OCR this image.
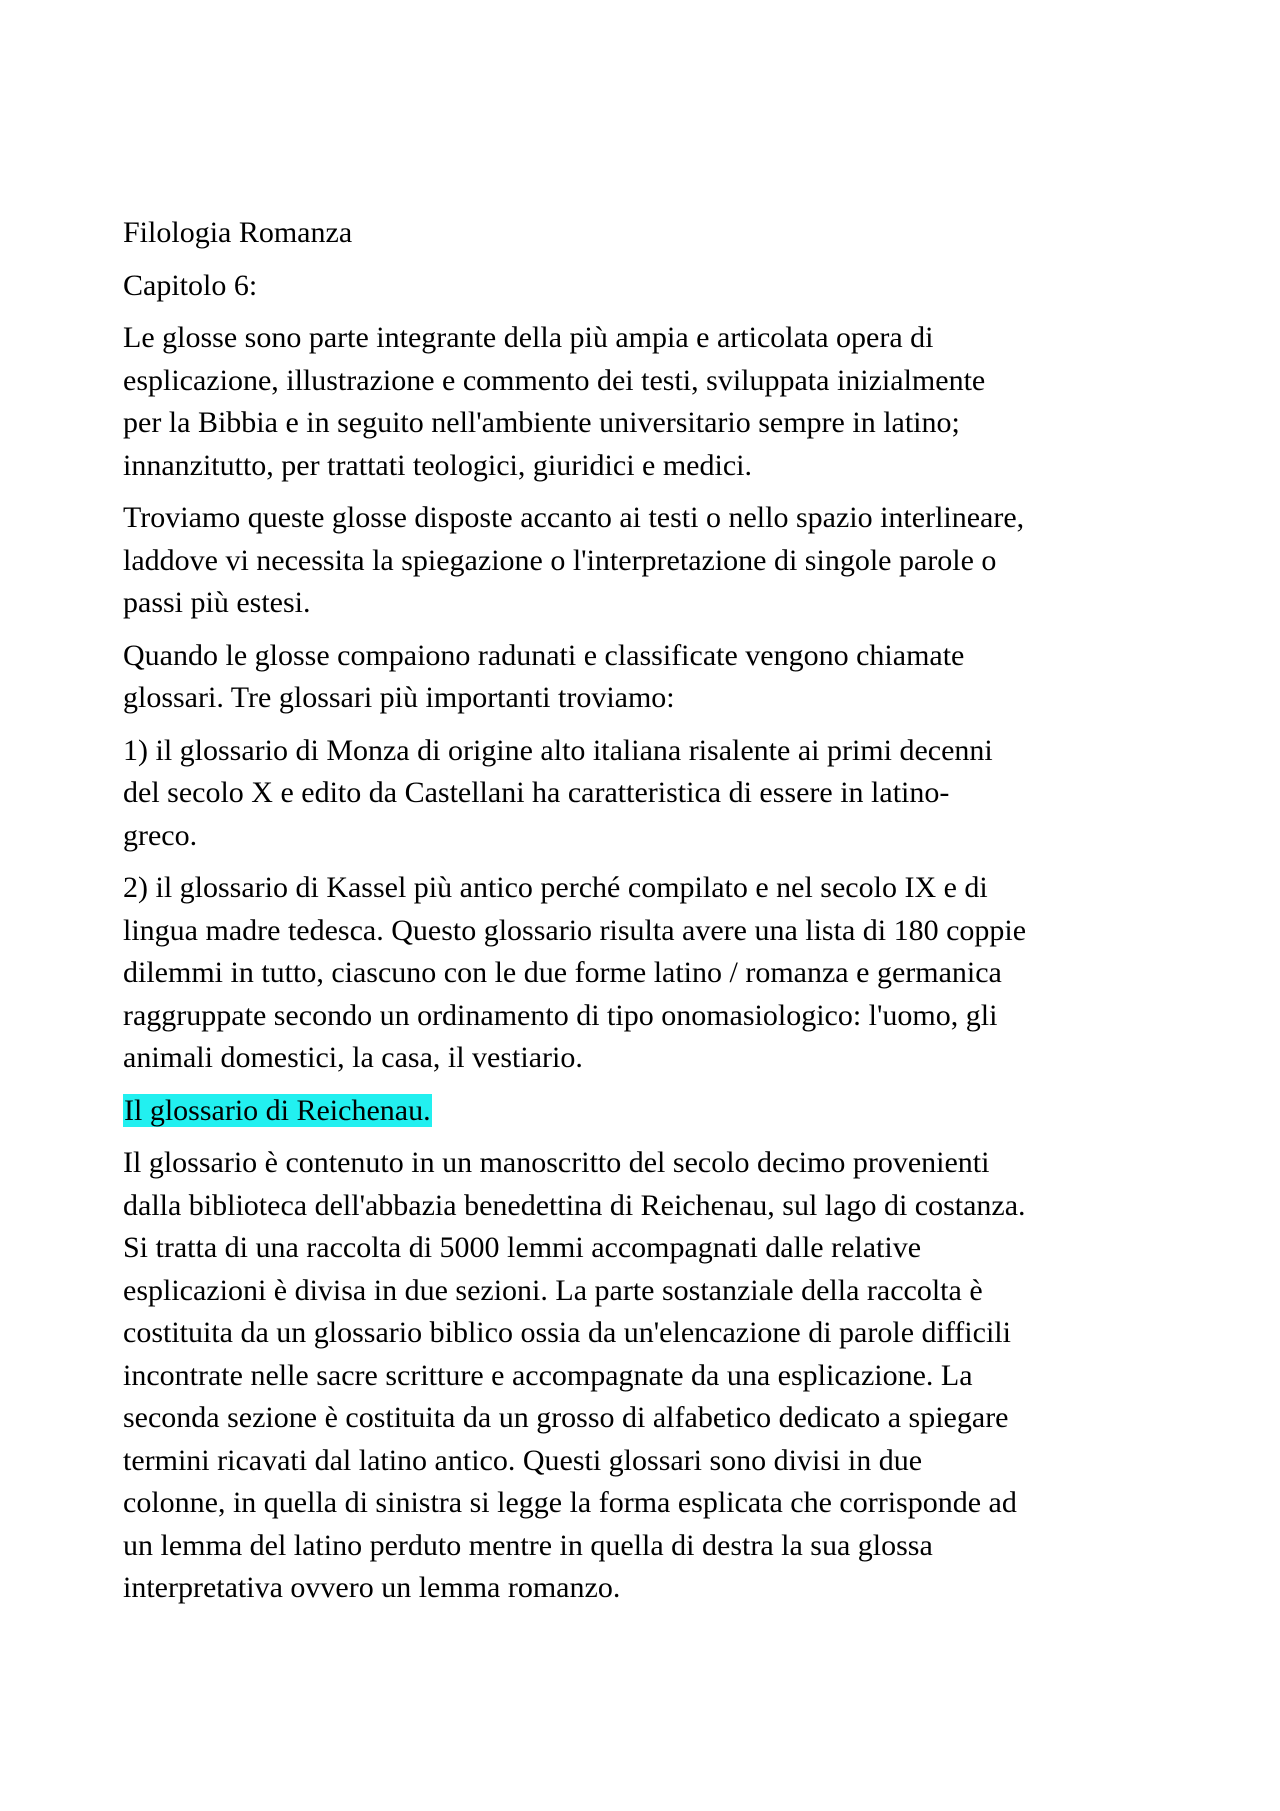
Filologia Romanza

Capitolo 6:

Le glosse sono parte integrante della più ampia e articolata opera di
esplicazione, illustrazione e commento dei testi, sviluppata inizialmente
per la Bibbia e in seguito nell'ambiente universitario sempre in latino;
innanzitutto, per trattati teologici, giuridici e medici.

Troviamo queste glosse disposte accanto ai testi o nello spazio interlineare,
laddove vi necessita la spiegazione o l'interpretazione di singole parole o
passi più estesi.

Quando le glosse compaiono radunati e classificate vengono chiamate
glossari. Tre glossari più importanti troviamo:

1) il glossario di Monza di origine alto italiana risalente ai primi decenni
del secolo X e edito da Castellani ha caratteristica di essere in latino-
greco.

2) il glossario di Kassel più antico perché compilato e nel secolo IX e di
lingua madre tedesca. Questo glossario risulta avere una lista di 180 coppie
dilemmi in tutto, ciascuno con le due forme latino / romanza e germanica
raggruppate secondo un ordinamento di tipo onomasiologico: l'uomo, gli
animali domestici, la casa, il vestiario.

Il glossario di Reichenau.

Il glossario è contenuto in un manoscritto del secolo decimo provenienti
dalla biblioteca dell'abbazia benedettina di Reichenau, sul lago di costanza.
Si tratta di una raccolta di 5000 lemmi accompagnati dalle relative
esplicazioni è divisa in due sezioni. La parte sostanziale della raccolta è
costituita da un glossario biblico ossia da un'elencazione di parole difficili
incontrate nelle sacre scritture e accompagnate da una esplicazione. La
seconda sezione è costituita da un grosso di alfabetico dedicato a spiegare
termini ricavati dal latino antico. Questi glossari sono divisi in due
colonne, in quella di sinistra si legge la forma esplicata che corrisponde ad
un lemma del latino perduto mentre in quella di destra la sua glossa
interpretativa ovvero un lemma romanzo.
